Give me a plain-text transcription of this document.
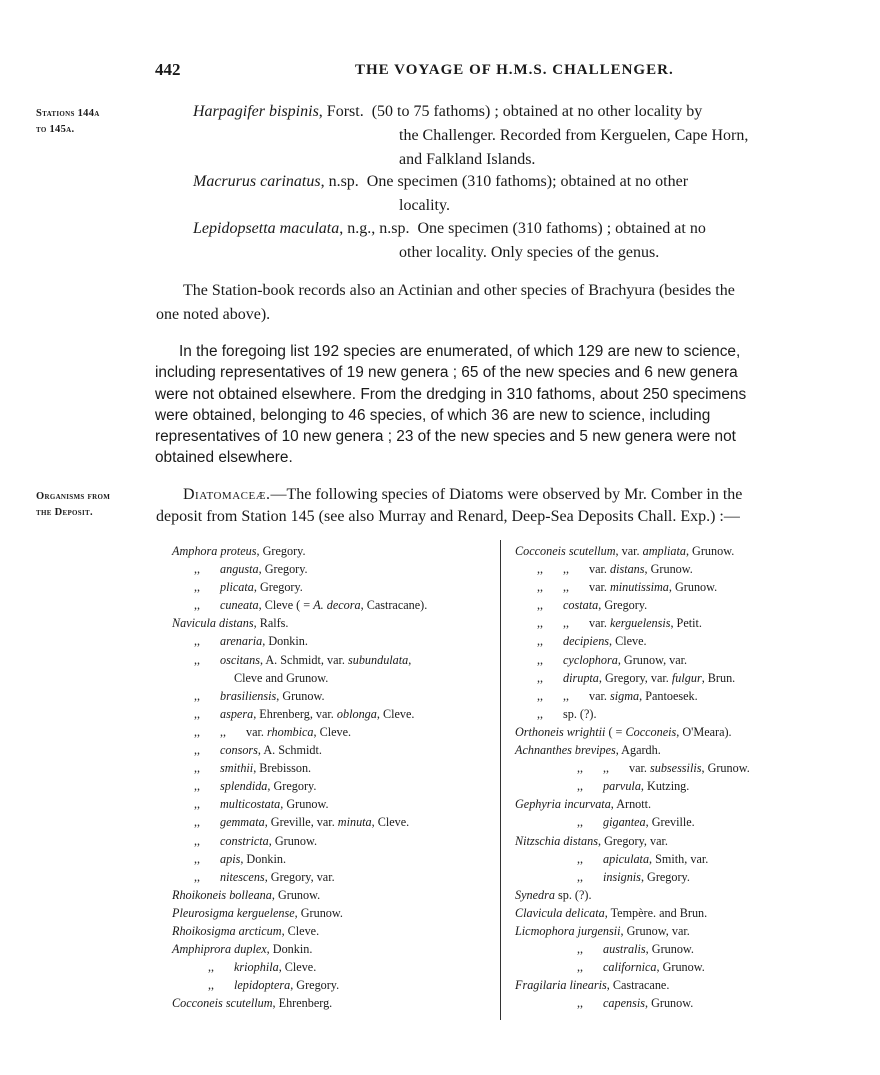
442	THE VOYAGE OF H.M.S. CHALLENGER.
Stations 144a
to 145a.
Harpagifer bispinis, Forst.  (50 to 75 fathoms) ; obtained at no other locality by
the Challenger. Recorded from Kerguelen, Cape Horn,
and Falkland Islands.
Macrurus carinatus, n.sp.  One specimen (310 fathoms); obtained at no other
locality.
Lepidopsetta maculata, n.g., n.sp.  One specimen (310 fathoms) ; obtained at no
other locality. Only species of the genus.
The Station-book records also an Actinian and other species of Brachyura (besides the
one noted above).

In the foregoing list 192 species are enumerated, of which 129 are new to science,

including representatives of 19 new genera ; 65 of the new species and 6 new genera

were not obtained elsewhere. From the dredging in 310 fathoms, about 250 specimens

were obtained, belonging to 46 species, of which 36 are new to science, including

representatives of 10 new genera ; 23 of the new species and 5 new genera were not

obtained elsewhere.

Organisms from
the Deposit.
Diatomaceæ.—The following species of Diatoms were observed by Mr. Comber in the
deposit from Station 145 (see also Murray and Renard, Deep-Sea Deposits Chall. Exp.) :—
Amphora proteus, Gregory.
,, angusta, Gregory.
,, plicata, Gregory.
,, cuneata, Cleve ( = A. decora, Castracane).
Navicula distans, Ralfs.
,, arenaria, Donkin.
,, oscitans, A. Schmidt, var. subundulata,
Cleve and Grunow.
,, brasiliensis, Grunow.
,, aspera, Ehrenberg, var. oblonga, Cleve.
,, ,, var. rhombica, Cleve.
,, consors, A. Schmidt.
,, smithii, Brebisson.
,, splendida, Gregory.
,, multicostata, Grunow.
,, gemmata, Greville, var. minuta, Cleve.
,, constricta, Grunow.
,, apis, Donkin.
,, nitescens, Gregory, var.
Rhoikoneis bolleana, Grunow.
Pleurosigma kerguelense, Grunow.
Rhoikosigma arcticum, Cleve.
Amphiprora duplex, Donkin.
,, kriophila, Cleve.
,, lepidoptera, Gregory.
Cocconeis scutellum, Ehrenberg.
Cocconeis scutellum, var. ampliata, Grunow.
,, ,, var. distans, Grunow.
,, ,, var. minutissima, Grunow.
,, costata, Gregory.
,, ,, var. kerguelensis, Petit.
,, decipiens, Cleve.
,, cyclophora, Grunow, var.
,, dirupta, Gregory, var. fulgur, Brun.
,, ,, var. sigma, Pantoesek.
,, sp. (?).
Orthoneis wrightii ( = Cocconeis, O'Meara).
Achnanthes brevipes, Agardh.
,, ,, var. subsessilis, Grunow.
,, parvula, Kutzing.
Gephyria incurvata, Arnott.
,, gigantea, Greville.
Nitzschia distans, Gregory, var.
,, apiculata, Smith, var.
,, insignis, Gregory.
Synedra sp. (?).
Clavicula delicata, Tempère. and Brun.
Licmophora jurgensii, Grunow, var.
,, australis, Grunow.
,, californica, Grunow.
Fragilaria linearis, Castracane.
,, capensis, Grunow.
